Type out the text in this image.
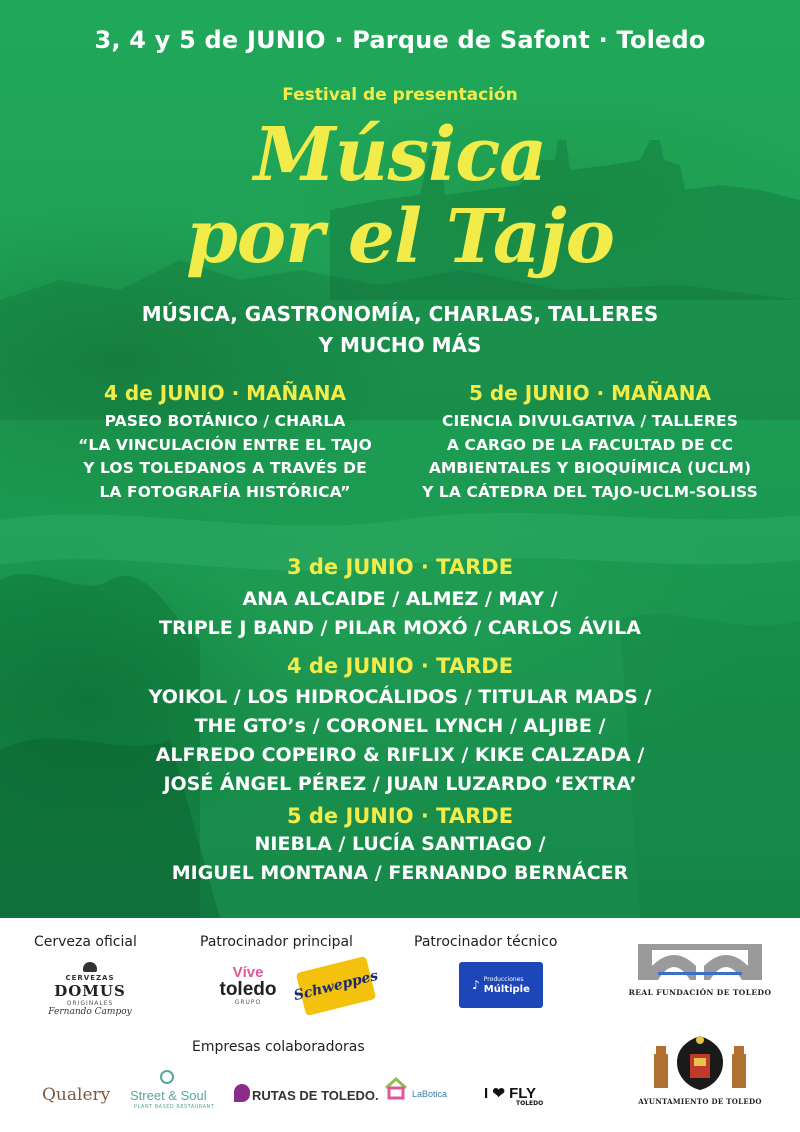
3, 4 y 5 de JUNIO · Parque de Safont · Toledo
Festival de presentación
Música
por el Tajo
MÚSICA, GASTRONOMÍA, CHARLAS, TALLERES
Y MUCHO MÁS
4 de JUNIO · MAÑANA
PASEO BOTÁNICO / CHARLA
“LA VINCULACIÓN ENTRE EL TAJO
Y LOS TOLEDANOS A TRAVÉS DE
LA FOTOGRAFÍA HISTÓRICA”
5 de JUNIO · MAÑANA
CIENCIA DIVULGATIVA / TALLERES
A CARGO DE LA FACULTAD DE CC
AMBIENTALES Y BIOQUÍMICA (UCLM)
Y LA CÁTEDRA DEL TAJO-UCLM-SOLISS
3 de JUNIO · TARDE
ANA ALCAIDE / ALMEZ / MAY /
TRIPLE J BAND / PILAR MOXÓ / CARLOS ÁVILA
4 de JUNIO · TARDE
YOIKOL / LOS HIDROCÁLIDOS / TITULAR MADS /
THE GTO’s / CORONEL LYNCH / ALJIBE /
ALFREDO COPEIRO & RIFLIX / KIKE CALZADA /
JOSÉ ÁNGEL PÉREZ / JUAN LUZARDO ‘EXTRA’
5 de JUNIO · TARDE
NIEBLA / LUCÍA SANTIAGO /
MIGUEL MONTANA / FERNANDO BERNÁCER
Cerveza oficial	Patrocinador principal	Patrocinador técnico
Empresas colaboradoras
CERVEZAS
DOMUS
ORIGINALES
Fernando Campoy
Víve
toledo
GRUPO Schweppes	♪ Producciones
Múltiple	REAL FUNDACIÓN DE TOLEDO
AYUNTAMIENTO DE TOLEDO
Qualery Street & Soul
PLANT BASED RESTAURANT
RUTAS DE TOLEDO.	LaBotica I ❤ FLY
TOLEDO
